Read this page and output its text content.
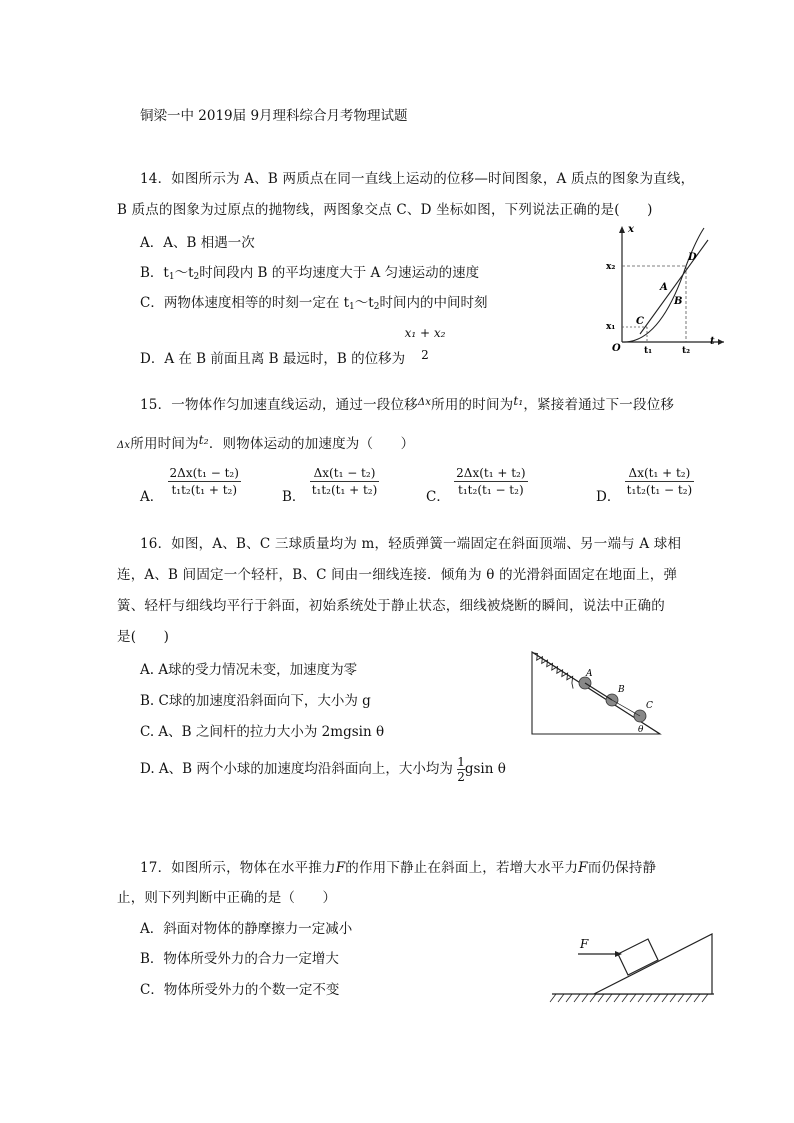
铜梁一中 2019届 9月理科综合月考物理试题
14．如图所示为 A、B 两质点在同一直线上运动的位移—时间图象，A 质点的图象为直线，
B 质点的图象为过原点的抛物线，两图象交点 C、D 坐标如图，下列说法正确的是(　　)
A．A、B 相遇一次
B．$t_1\sim t_2$时间段内 B 的平均速度大于 A 匀速运动的速度
C．两物体速度相等的时刻一定在 $t_1\sim t_2$时间内的中间时刻
D．A 在 B 前面且离 B 最远时，B 的位移为
x₁ + x₂
2
x
t
O
x₂
x₁
t₁	t₂
D
C
A
B
15．一物体作匀加速直线运动，通过一段位移$^{\Delta x}$所用的时间为t₁，紧接着通过下一段位移
Δx所用时间为t₂．则物体运动的加速度为（　　）
A． $\frac{\text{2Δx(t₁ − t₂)}}{\text{t₁t₂(t₁ + t₂)}}$	B． $\frac{\text{Δx(t₁ − t₂)}}{\text{t₁t₂(t₁ + t₂)}}$	C． $\frac{\text{2Δx(t₁ + t₂)}}{\text{t₁t₂(t₁ − t₂)}}$	D． $\frac{\text{Δx(t₁ + t₂)}}{\text{t₁t₂(t₁ − t₂)}}$
16．如图，A、B、C 三球质量均为 m，轻质弹簧一端固定在斜面顶端、另一端与 A 球相
连，A、B 间固定一个轻杆，B、C 间由一细线连接．倾角为 θ 的光滑斜面固定在地面上，弹
簧、轻杆与细线均平行于斜面，初始系统处于静止状态，细线被烧断的瞬间，说法中正确的
是(　　)
A. A球的受力情况未变，加速度为零
B. C球的加速度沿斜面向下，大小为 g
C. A、B 之间杆的拉力大小为 2mgsin θ
D. A、B 两个小球的加速度均沿斜面向上，大小均为 $\frac{1}{2}$ gsin θ
A
B
C
θ
17．如图所示，物体在水平推力F的作用下静止在斜面上，若增大水平力F而仍保持静
止，则下列判断中正确的是（　　）
A．斜面对物体的静摩擦力一定减小
B．物体所受外力的合力一定增大
C．物体所受外力的个数一定不变
F
